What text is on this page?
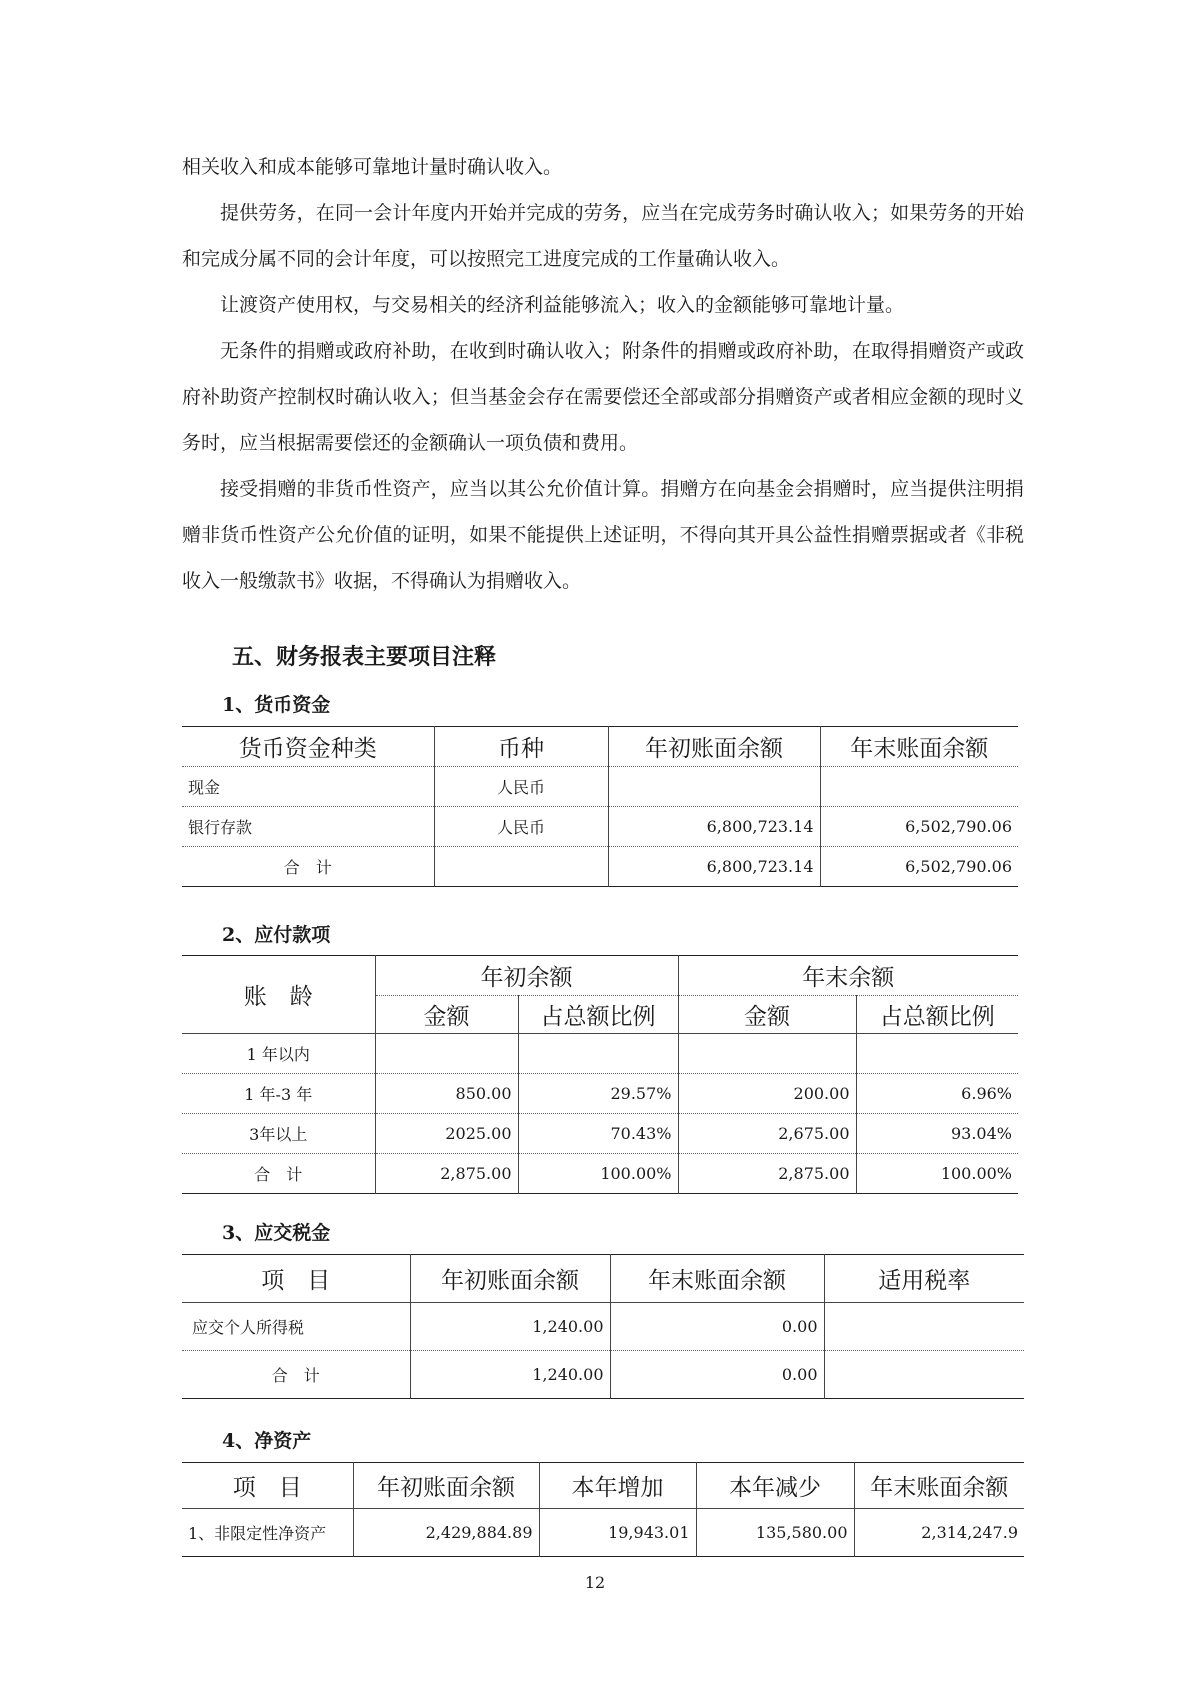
相关收入和成本能够可靠地计量时确认收入。

提供劳务，在同一会计年度内开始并完成的劳务，应当在完成劳务时确认收入；如果劳务的开始和完成分属不同的会计年度，可以按照完工进度完成的工作量确认收入。

让渡资产使用权，与交易相关的经济利益能够流入；收入的金额能够可靠地计量。

无条件的捐赠或政府补助，在收到时确认收入；附条件的捐赠或政府补助，在取得捐赠资产或政府补助资产控制权时确认收入；但当基金会存在需要偿还全部或部分捐赠资产或者相应金额的现时义务时，应当根据需要偿还的金额确认一项负债和费用。

接受捐赠的非货币性资产，应当以其公允价值计算。捐赠方在向基金会捐赠时，应当提供注明捐赠非货币性资产公允价值的证明，如果不能提供上述证明，不得向其开具公益性捐赠票据或者《非税收入一般缴款书》收据，不得确认为捐赠收入。

五、财务报表主要项目注释
1、货币资金
货币资金种类	币种	年初账面余额	年末账面余额
现金	人民币		
银行存款	人民币	6,800,723.14	6,502,790.06
合　计		6,800,723.14	6,502,790.06
2、应付款项
账　龄	年初余额		年末余额	
	金额	占总额比例	金额	占总额比例
1 年以内				
1 年-3 年	850.00	29.57%	200.00	6.96%
3年以上	2025.00	70.43%	2,675.00	93.04%
合　计	2,875.00	100.00%	2,875.00	100.00%
3、应交税金
项　目	年初账面余额	年末账面余额	适用税率
应交个人所得税	1,240.00	0.00	
合　计	1,240.00	0.00	
4、净资产
项　目	年初账面余额	本年增加	本年减少	年末账面余额
1、非限定性净资产	2,429,884.89	19,943.01	135,580.00	2,314,247.9
12
